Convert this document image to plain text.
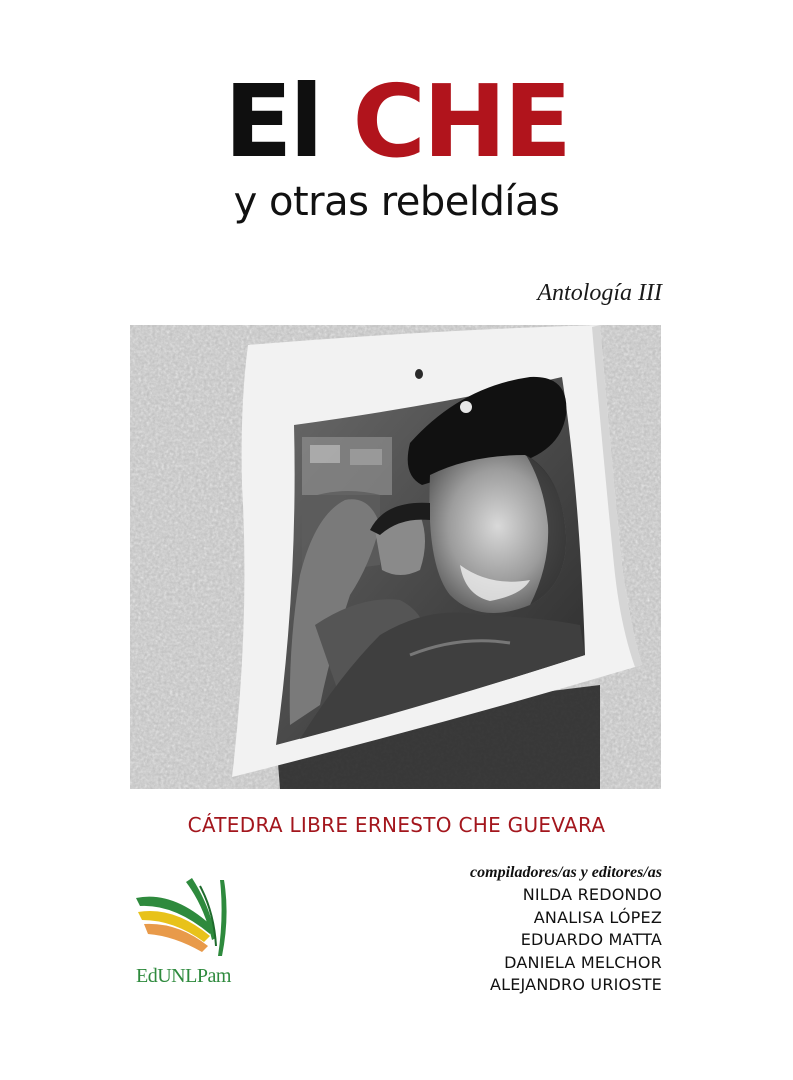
El CHE
y otras rebeldías
Antología III
CÁTEDRA LIBRE ERNESTO CHE GUEVARA
EdUNLPam
compiladores/as y editores/as
NILDA REDONDO
ANALISA LÓPEZ
EDUARDO MATTA
DANIELA MELCHOR
ALEJANDRO URIOSTE
